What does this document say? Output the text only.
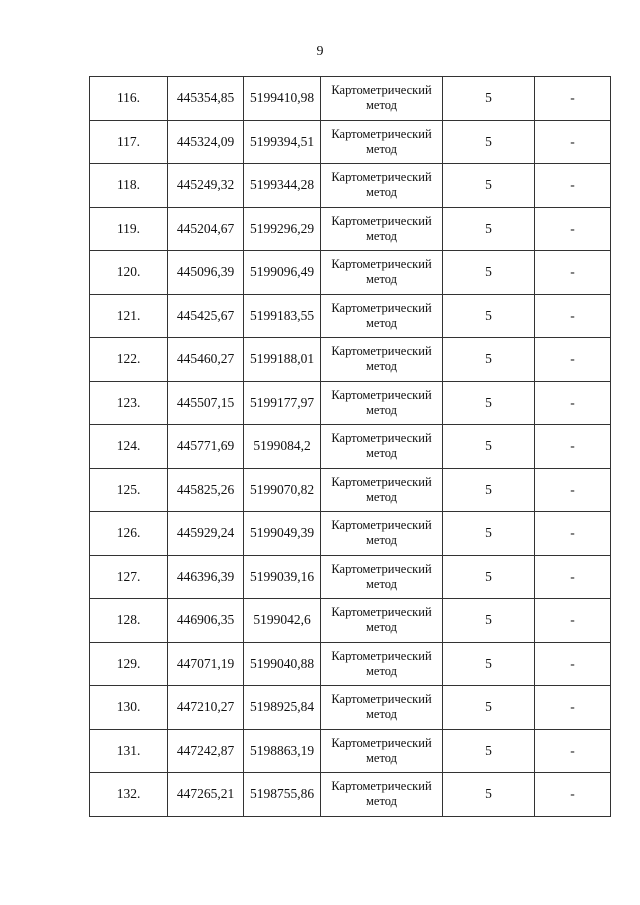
9
116.	445354,85	5199410,98	Картометрический метод	5	-
117.	445324,09	5199394,51	Картометрический метод	5	-
118.	445249,32	5199344,28	Картометрический метод	5	-
119.	445204,67	5199296,29	Картометрический метод	5	-
120.	445096,39	5199096,49	Картометрический метод	5	-
121.	445425,67	5199183,55	Картометрический метод	5	-
122.	445460,27	5199188,01	Картометрический метод	5	-
123.	445507,15	5199177,97	Картометрический метод	5	-
124.	445771,69	5199084,2	Картометрический метод	5	-
125.	445825,26	5199070,82	Картометрический метод	5	-
126.	445929,24	5199049,39	Картометрический метод	5	-
127.	446396,39	5199039,16	Картометрический метод	5	-
128.	446906,35	5199042,6	Картометрический метод	5	-
129.	447071,19	5199040,88	Картометрический метод	5	-
130.	447210,27	5198925,84	Картометрический метод	5	-
131.	447242,87	5198863,19	Картометрический метод	5	-
132.	447265,21	5198755,86	Картометрический метод	5	-
